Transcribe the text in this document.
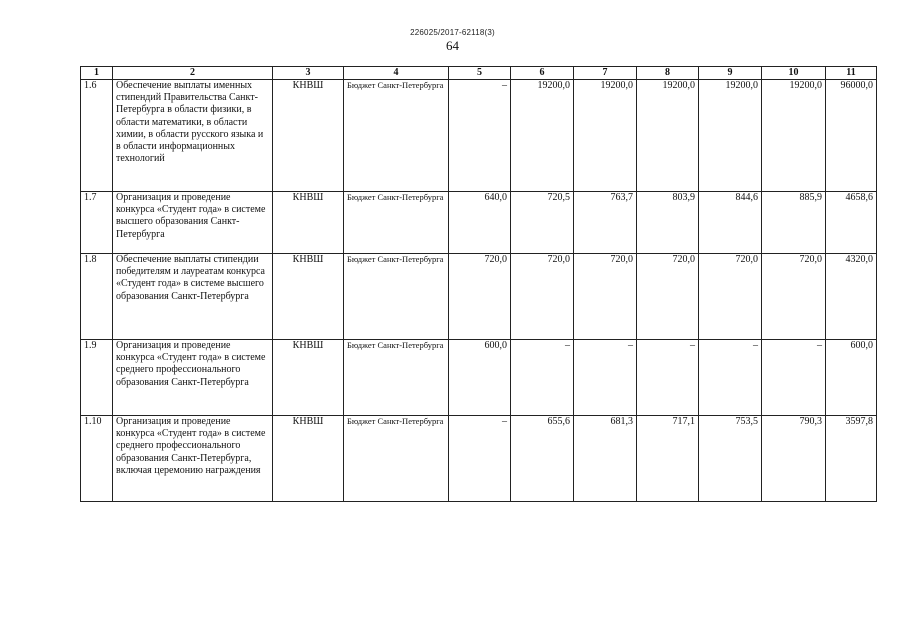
226025/2017-62118(3)
64
1	2	3	4	5	6	7	8	9	10	11
1.6	Обеспечение выплаты именных стипендий Правительства Санкт-Петербурга в области физики, в области математики, в области химии, в области русского языка и в области информационных технологий	КНВШ	Бюджет Санкт-Петербурга	–	19200,0	19200,0	19200,0	19200,0	19200,0	96000,0
1.7	Организация и проведение конкурса «Студент года» в системе высшего образования Санкт-Петербурга	КНВШ	Бюджет Санкт-Петербурга	640,0	720,5	763,7	803,9	844,6	885,9	4658,6
1.8	Обеспечение выплаты стипендии победителям и лауреатам конкурса «Студент года» в системе высшего образования Санкт-Петербурга	КНВШ	Бюджет Санкт-Петербурга	720,0	720,0	720,0	720,0	720,0	720,0	4320,0
1.9	Организация и проведение конкурса «Студент года» в системе среднего профессионального образования Санкт-Петербурга	КНВШ	Бюджет Санкт-Петербурга	600,0	–	–	–	–	–	600,0
1.10	Организация и проведение конкурса «Студент года» в системе среднего профессионального образования Санкт-Петербурга, включая церемонию награждения	КНВШ	Бюджет Санкт-Петербурга	–	655,6	681,3	717,1	753,5	790,3	3597,8
